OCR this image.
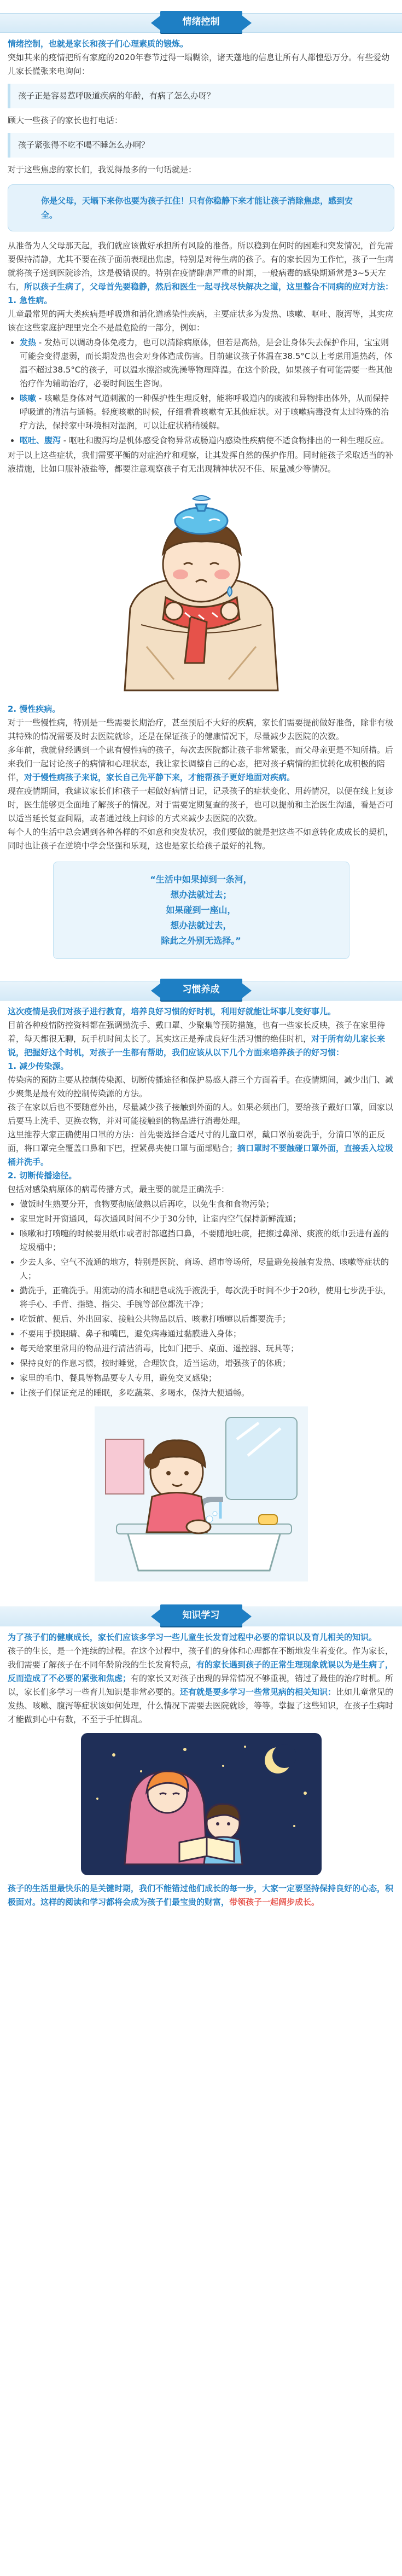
情绪控制

情绪控制，也就是家长和孩子们心理素质的锻炼。

突如其来的疫情把所有家庭的2020年春节过得一塌糊涂，诸天蓬地的信息让所有人都惶恐万分。有些爱幼儿家长慌张来电询问：

孩子正是容易惹呼吸道疾病的年龄，有病了怎么办呀？

顾大一些孩子的家长也打电话：

孩子紧张得不吃不喝不睡怎么办啊？

对于这些焦虑的家长们，我说得最多的一句话就是：

你是父母，天塌下来你也要为孩子扛住！只有你稳静下来才能让孩子消除焦虑，感到安全。

从准备为人父母那天起，我们就应该做好承担所有风险的准备。所以稳到在何时的困难和突发情况，首先需要保持清静，尤其不要在孩子面前表现出焦虑，特别是对待生病的孩子。有的家长因为工作忙，孩子一生病就将孩子送到医院诊治，这是极错误的。特别在疫情肆虐严重的时期，一般病毒的感染期通常是3~5天左右，所以孩子生病了，父母首先要稳静，然后和医生一起寻找尽快解决之道，这里整合不同病的应对方法：

1. 急性病。

儿童最常见的两大类疾病是呼吸道和消化道感染性疾病，主要症状多为发热、咳嗽、呕吐、腹泻等，其实应该在这些家庭护理里完全不是最危险的一部分，例如：

• 发热 - 发热可以调动身体免疫力，也可以清除病原体，但若是高热，是会让身体失去保护作用，宝宝则可能会变得虚弱，而长期发热也会对身体造成伤害。目前建议孩子体温在38.5°C以上考虑用退热药，体温不超过38.5°C的孩子，可以温水擦浴或洗澡等物理降温。在这个阶段，如果孩子有可能需要一些其他治疗作为辅助治疗，必要时间医生咨询。
• 咳嗽 - 咳嗽是身体对气道刺激的一种保护性生理反射，能将呼吸道内的痰液和异物排出体外，从而保持呼吸道的清洁与通畅。轻度咳嗽的时候，仔细看看咳嗽有无其他症状。对于咳嗽病毒没有太过特殊的治疗方法，保持家中环境相对湿润，可以让症状稍稍缓解。
• 呕吐、腹泻 - 呕吐和腹泻均是机体感受食物异常或肠道内感染性疾病使不适食物排出的一种生理反应。

对于以上这些症状，我们需要平衡的对症治疗和观察，让其发挥自然的保护作用。同时能孩子采取适当的补液措施，比如口服补液盐等，都要注意观察孩子有无出现精神状况不佳、尿量减少等情况。

2. 慢性疾病。

对于一些慢性病，特别是一些需要长期治疗，甚至预后不大好的疾病，家长们需要提前做好准备，除非有极其特殊的情况需要及时去医院就诊，还是在保证孩子的健康情况下，尽量减少去医院的次数。

多年前，我就曾经遇到一个患有慢性病的孩子，每次去医院都让孩子非常紧张，而父母亲更是不知所措。后来我们一起讨论孩子的病情和心理状态，我让家长调整自己的心态，把对孩子病情的担忧转化成积极的陪伴，对于慢性病孩子来说，家长自己先平静下来，才能帮孩子更好地面对疾病。

现在疫情期间，我建议家长们和孩子一起做好病情日记，记录孩子的症状变化、用药情况，以便在线上复诊时，医生能够更全面地了解孩子的情况。对于需要定期复查的孩子，也可以提前和主治医生沟通，看是否可以适当延长复查间隔，或者通过线上问诊的方式来减少去医院的次数。

每个人的生活中总会遇到各种各样的不如意和突发状况，我们要做的就是把这些不如意转化成成长的契机，同时也让孩子在逆境中学会坚强和乐观，这也是家长给孩子最好的礼物。

“生活中如果掉到一条河，

想办法就过去；

如果碰到一座山，

想办法就过去，

除此之外别无选择。”

习惯养成

这次疫情是我们对孩子进行教育，培养良好习惯的好时机，利用好就能让坏事儿变好事儿。

目前各种疫情防控资料都在强调勤洗手、戴口罩、少聚集等预防措施，也有一些家长反映，孩子在家里待着，每天都很无聊，玩手机时间太长了。其实这正是养成良好生活习惯的绝佳时机，对于所有幼儿家长来说，把握好这个时机，对孩子一生都有帮助，我们应该从以下几个方面来培养孩子的好习惯：

1. 减少传染源。

传染病的预防主要从控制传染源、切断传播途径和保护易感人群三个方面着手。在疫情期间，减少出门、减少聚集是最有效的控制传染源的方法。

孩子在家以后也不要随意外出，尽量减少孩子接触到外面的人。如果必须出门，要给孩子戴好口罩，回家以后要马上洗手、更换衣物，并对可能接触到的物品进行消毒处理。

这里推荐大家正确使用口罩的方法：首先要选择合适尺寸的儿童口罩，戴口罩前要洗手，分清口罩的正反面，将口罩完全覆盖口鼻和下巴，捏紧鼻夹使口罩与面部贴合；摘口罩时不要触碰口罩外面，直接丢入垃圾桶并洗手。

2. 切断传播途径。

包括对感染病原体的病毒传播方式，最主要的就是正确洗手：

• 做饭时生熟要分开，食物要彻底做熟以后再吃，以免生食和食物污染；
• 家里定时开窗通风，每次通风时间不少于30分钟，让室内空气保持新鲜流通；
• 咳嗽和打喷嚏的时候要用纸巾或者肘部遮挡口鼻，不要随地吐痰，把擦过鼻涕、痰液的纸巾丢进有盖的垃圾桶中；
• 少去人多、空气不流通的地方，特别是医院、商场、超市等场所，尽量避免接触有发热、咳嗽等症状的人；
• 勤洗手，正确洗手。用流动的清水和肥皂或洗手液洗手，每次洗手时间不少于20秒，使用七步洗手法，将手心、手背、指缝、指尖、手腕等部位都洗干净；
• 吃饭前、便后、外出回家、接触公共物品以后、咳嗽打喷嚏以后都要洗手；
• 不要用手摸眼睛、鼻子和嘴巴，避免病毒通过黏膜进入身体；
• 每天给家里常用的物品进行清洁消毒，比如门把手、桌面、遥控器、玩具等；
• 保持良好的作息习惯，按时睡觉，合理饮食，适当运动，增强孩子的体质；
• 家里的毛巾、餐具等物品要专人专用，避免交叉感染；
• 让孩子们保证充足的睡眠，多吃蔬菜、多喝水，保持大便通畅。
知识学习

为了孩子们的健康成长，家长们应该多学习一些儿童生长发育过程中必要的常识以及育儿相关的知识。

孩子的生长，是一个连续的过程。在这个过程中，孩子们的身体和心理都在不断地发生着变化。作为家长，我们需要了解孩子在不同年龄阶段的生长发育特点，有的家长遇到孩子的正常生理现象就误以为是生病了，反而造成了不必要的紧张和焦虑；有的家长又对孩子出现的异常情况不够重视，错过了最佳的治疗时机。所以，家长们多学习一些育儿知识是非常必要的。还有就是要多学习一些常见病的相关知识：比如儿童常见的发热、咳嗽、腹泻等症状该如何处理，什么情况下需要去医院就诊，等等。掌握了这些知识，在孩子生病时才能做到心中有数，不至于手忙脚乱。

孩子的生活里最快乐的是关键时期，我们不能错过他们成长的每一步，大家一定要坚持保持良好的心态，积极面对。这样的阅读和学习都将会成为孩子们最宝贵的财富，带领孩子一起阔步成长。
